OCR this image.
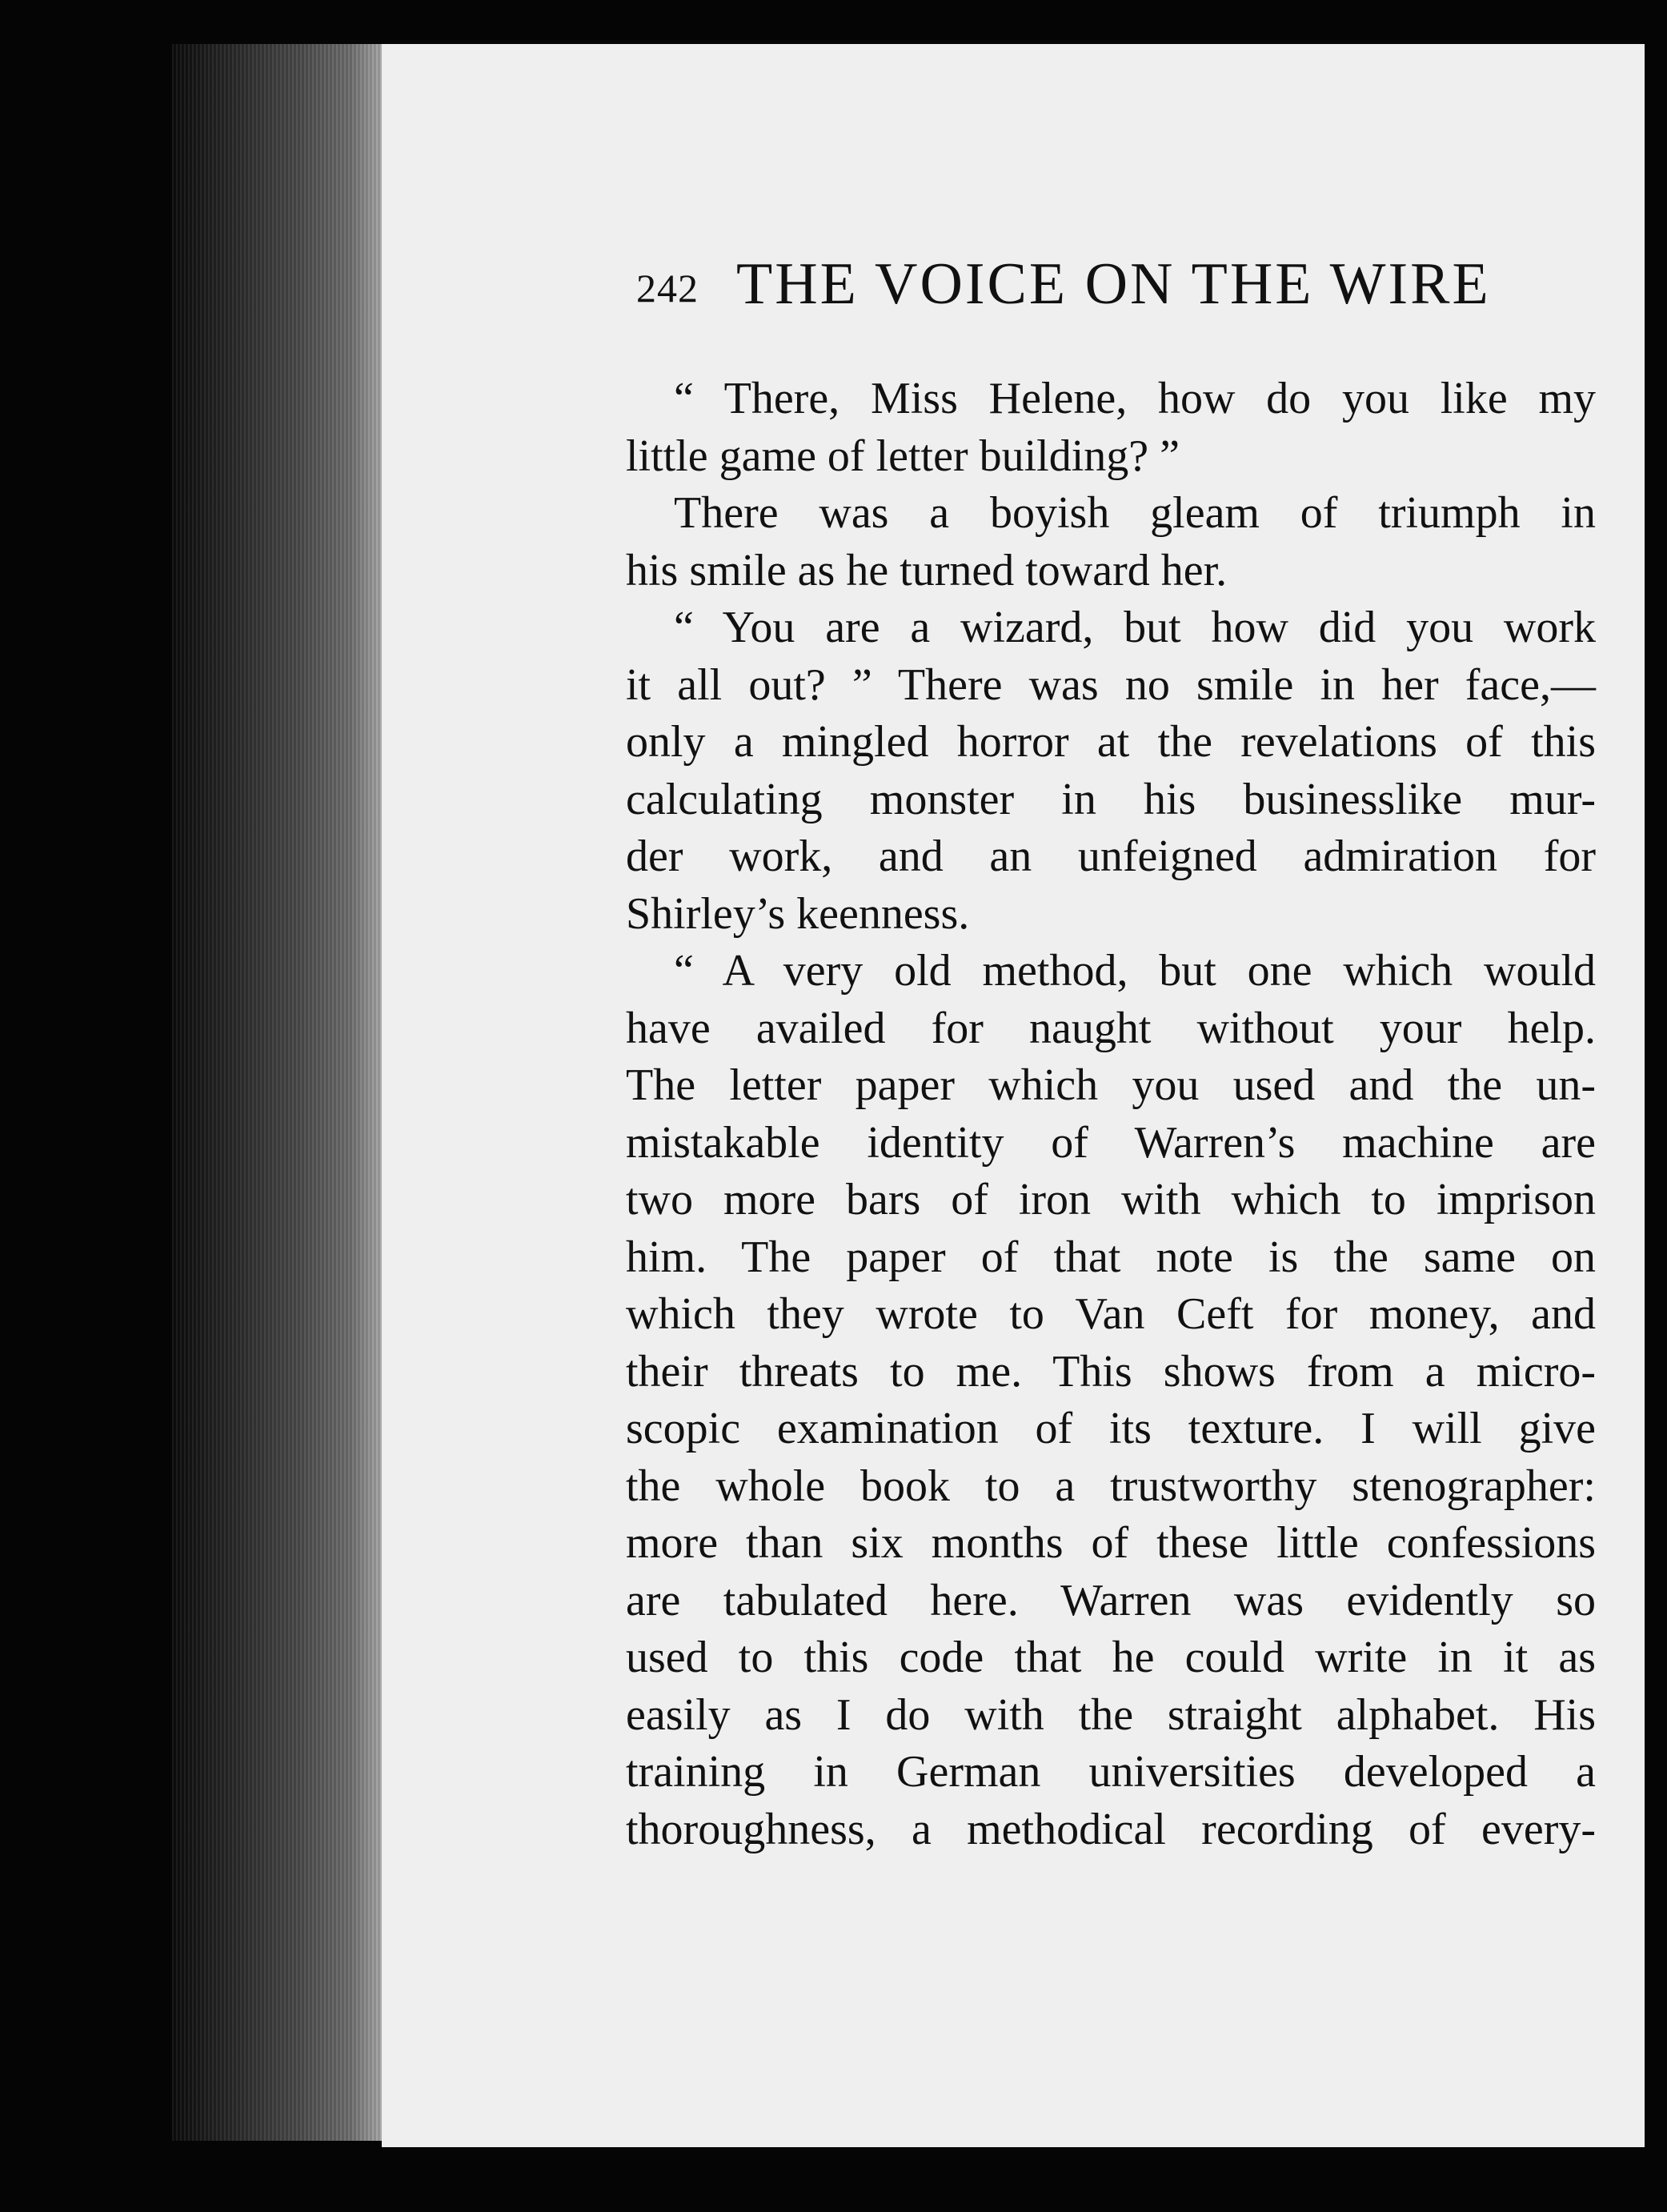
242 THE VOICE ON THE WIRE
“ There, Miss Helene, how do you like my
little game of letter building? ”
There was a boyish gleam of triumph in
his smile as he turned toward her.
“ You are a wizard, but how did you work
it all out? ” There was no smile in her face,—
only a mingled horror at the revelations of this
calculating monster in his businesslike mur-
der work, and an unfeigned admiration for
Shirley’s keenness.
“ A very old method, but one which would
have availed for naught without your help.
The letter paper which you used and the un-
mistakable identity of Warren’s machine are
two more bars of iron with which to imprison
him. The paper of that note is the same on
which they wrote to Van Ceft for money, and
their threats to me. This shows from a micro-
scopic examination of its texture. I will give
the whole book to a trustworthy stenographer:
more than six months of these little confessions
are tabulated here. Warren was evidently so
used to this code that he could write in it as
easily as I do with the straight alphabet. His
training in German universities developed a
thoroughness, a methodical recording of every-
